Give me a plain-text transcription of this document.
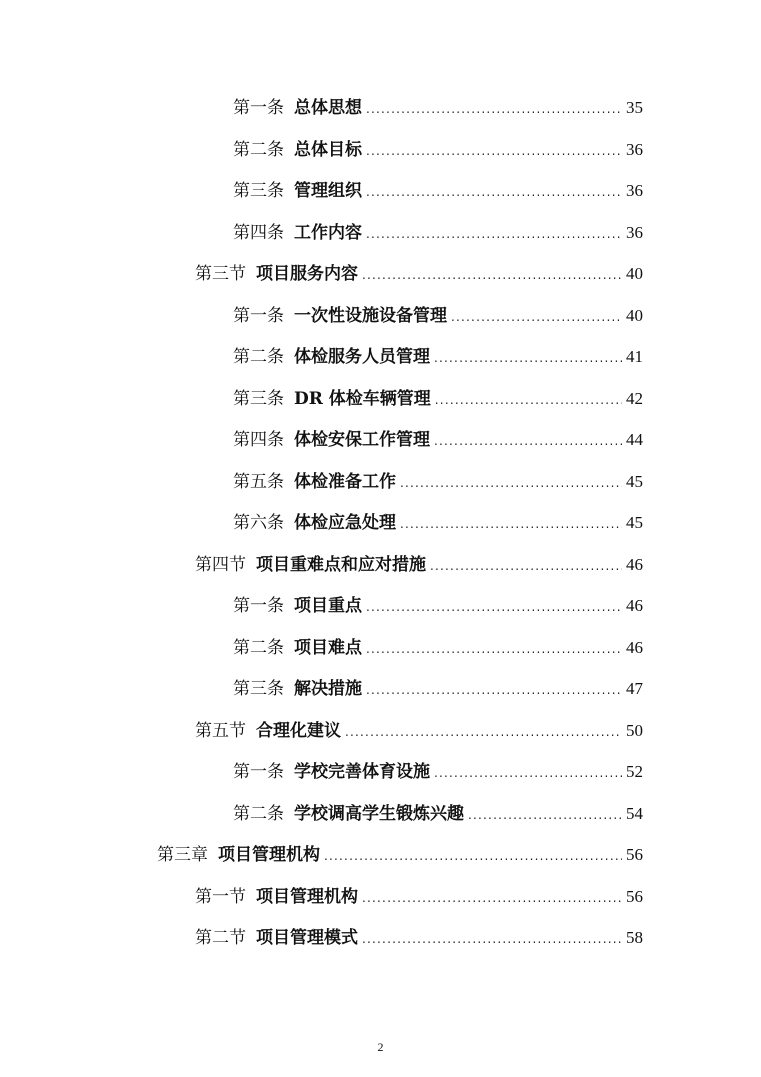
第一条 总体思想 .....	35
第二条 总体目标 .....	36
第三条 管理组织 .....	36
第四条 工作内容 .....	36
第三节 项目服务内容 .....	40
第一条 一次性设施设备管理 .....	40
第二条 体检服务人员管理 .....	41
第三条 DR 体检车辆管理 .....	42
第四条 体检安保工作管理 .....	44
第五条 体检准备工作 .....	45
第六条 体检应急处理 .....	45
第四节 项目重难点和应对措施 .....	46
第一条 项目重点 .....	46
第二条 项目难点 .....	46
第三条 解决措施 .....	47
第五节 合理化建议 .....	50
第一条 学校完善体育设施 .....	52
第二条 学校调高学生锻炼兴趣 .....	54
第三章 项目管理机构 .....	56
第一节 项目管理机构 .....	56
第二节 项目管理模式 .....	58
2
